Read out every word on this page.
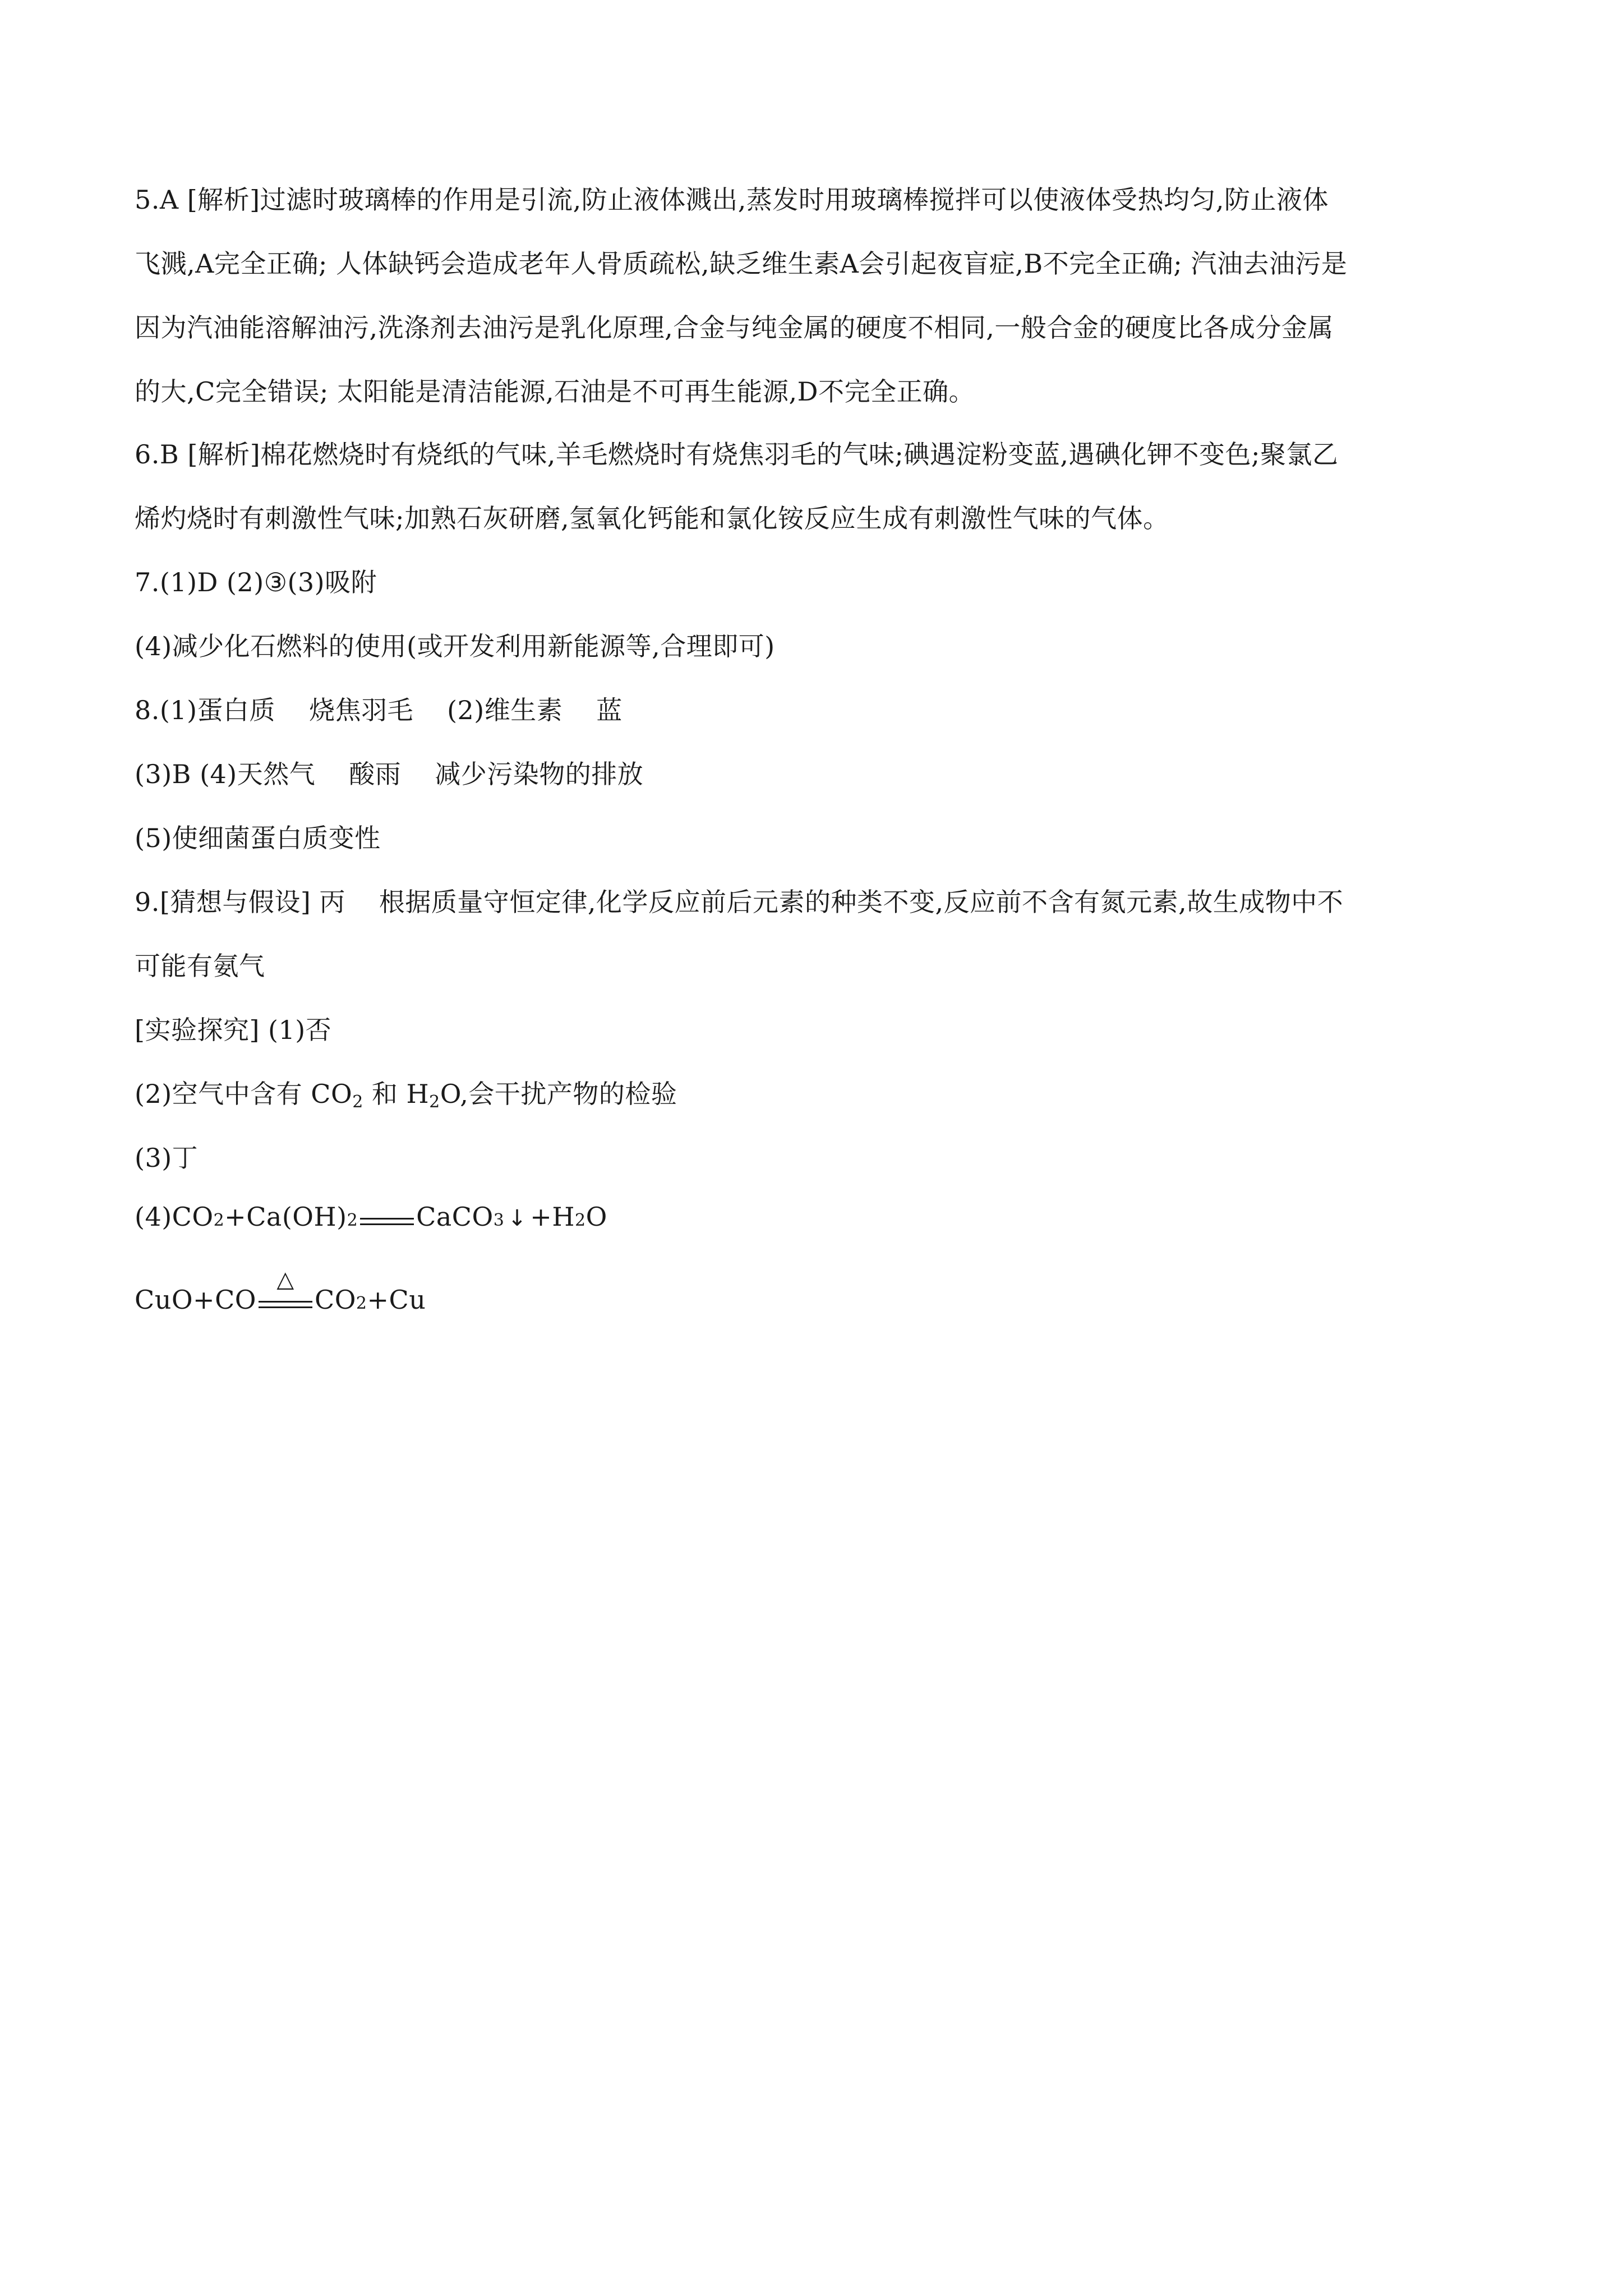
5.A [解析]过滤时玻璃棒的作用是引流,防止液体溅出,蒸发时用玻璃棒搅拌可以使液体受热均匀,防止液体
飞溅,A完全正确; 人体缺钙会造成老年人骨质疏松,缺乏维生素A会引起夜盲症,B不完全正确; 汽油去油污是
因为汽油能溶解油污,洗涤剂去油污是乳化原理,合金与纯金属的硬度不相同,一般合金的硬度比各成分金属
的大,C完全错误; 太阳能是清洁能源,石油是不可再生能源,D不完全正确。
6.B [解析]棉花燃烧时有烧纸的气味,羊毛燃烧时有烧焦羽毛的气味;碘遇淀粉变蓝,遇碘化钾不变色;聚氯乙
烯灼烧时有刺激性气味;加熟石灰研磨,氢氧化钙能和氯化铵反应生成有刺激性气味的气体。
7.(1)D (2)③(3)吸附
(4)减少化石燃料的使用(或开发利用新能源等,合理即可)
8.(1)蛋白质 烧焦羽毛 (2)维生素 蓝
(3)B (4)天然气 酸雨 减少污染物的排放
(5)使细菌蛋白质变性
9.[猜想与假设] 丙 根据质量守恒定律,化学反应前后元素的种类不变,反应前不含有氮元素,故生成物中不
可能有氨气
[实验探究] (1)否
(2)空气中含有 $CO_2$ 和 $H_2O$,会干扰产物的检验
(3)丁
(4)CO 2 +Ca(OH) 2 CaCO 3 ↓ +H 2 O
CuO+CO
△
CO 2 +Cu
